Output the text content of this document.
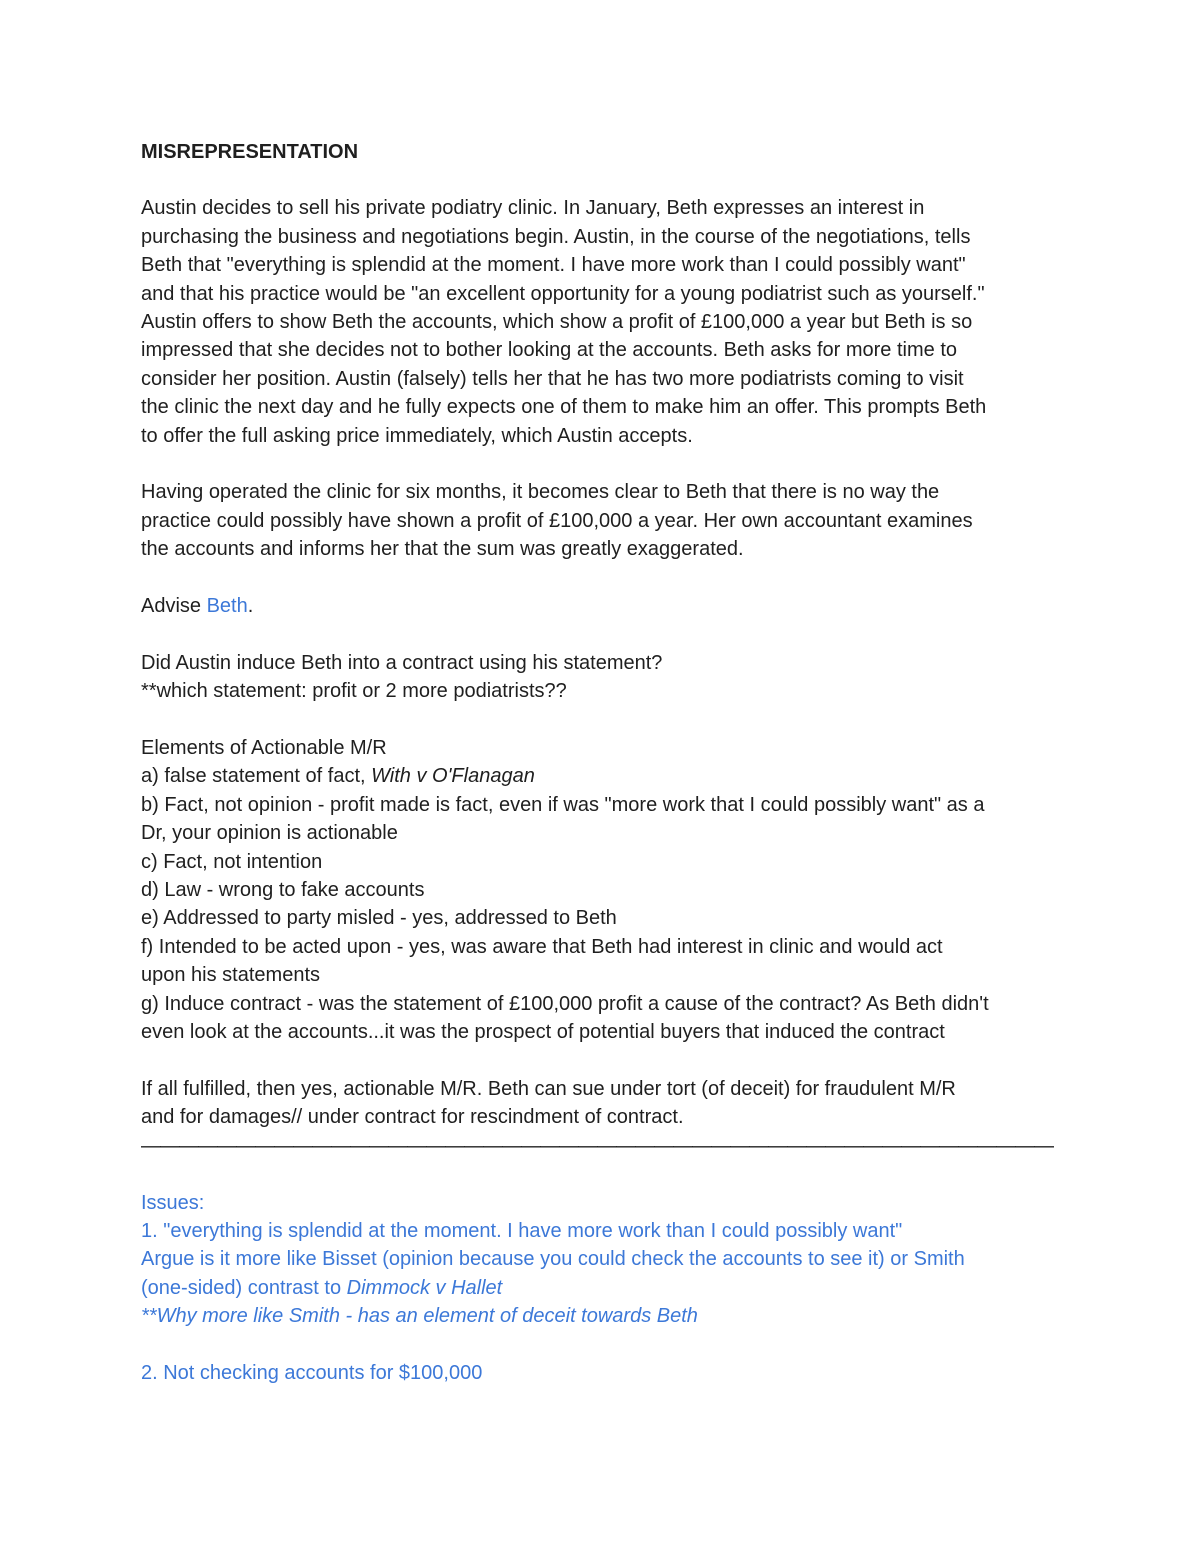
MISREPRESENTATION
Austin decides to sell his private podiatry clinic. In January, Beth expresses an interest in
purchasing the business and negotiations begin. Austin, in the course of the negotiations, tells
Beth that "everything is splendid at the moment. I have more work than I could possibly want"
and that his practice would be "an excellent opportunity for a young podiatrist such as yourself."
Austin offers to show Beth the accounts, which show a profit of £100,000 a year but Beth is so
impressed that she decides not to bother looking at the accounts. Beth asks for more time to
consider her position. Austin (falsely) tells her that he has two more podiatrists coming to visit
the clinic the next day and he fully expects one of them to make him an offer. This prompts Beth
to offer the full asking price immediately, which Austin accepts.
Having operated the clinic for six months, it becomes clear to Beth that there is no way the
practice could possibly have shown a profit of £100,000 a year. Her own accountant examines
the accounts and informs her that the sum was greatly exaggerated.
Advise Beth.
Did Austin induce Beth into a contract using his statement?
**which statement: profit or 2 more podiatrists??
Elements of Actionable M/R
a) false statement of fact, With v O'Flanagan
b) Fact, not opinion - profit made is fact, even if was "more work that I could possibly want" as a
Dr, your opinion is actionable
c) Fact, not intention
d) Law - wrong to fake accounts
e) Addressed to party misled - yes, addressed to Beth
f) Intended to be acted upon - yes, was aware that Beth had interest in clinic and would act
upon his statements
g) Induce contract - was the statement of £100,000 profit a cause of the contract? As Beth didn't
even look at the accounts...it was the prospect of potential buyers that induced the contract
If all fulfilled, then yes, actionable M/R. Beth can sue under tort (of deceit) for fraudulent M/R
and for damages// under contract for rescindment of contract.
————————————————————————————————————————————————
Issues:
1. "everything is splendid at the moment. I have more work than I could possibly want"
Argue is it more like Bisset (opinion because you could check the accounts to see it) or Smith
(one-sided) contrast to Dimmock v Hallet
**Why more like Smith - has an element of deceit towards Beth
2. Not checking accounts for $100,000
